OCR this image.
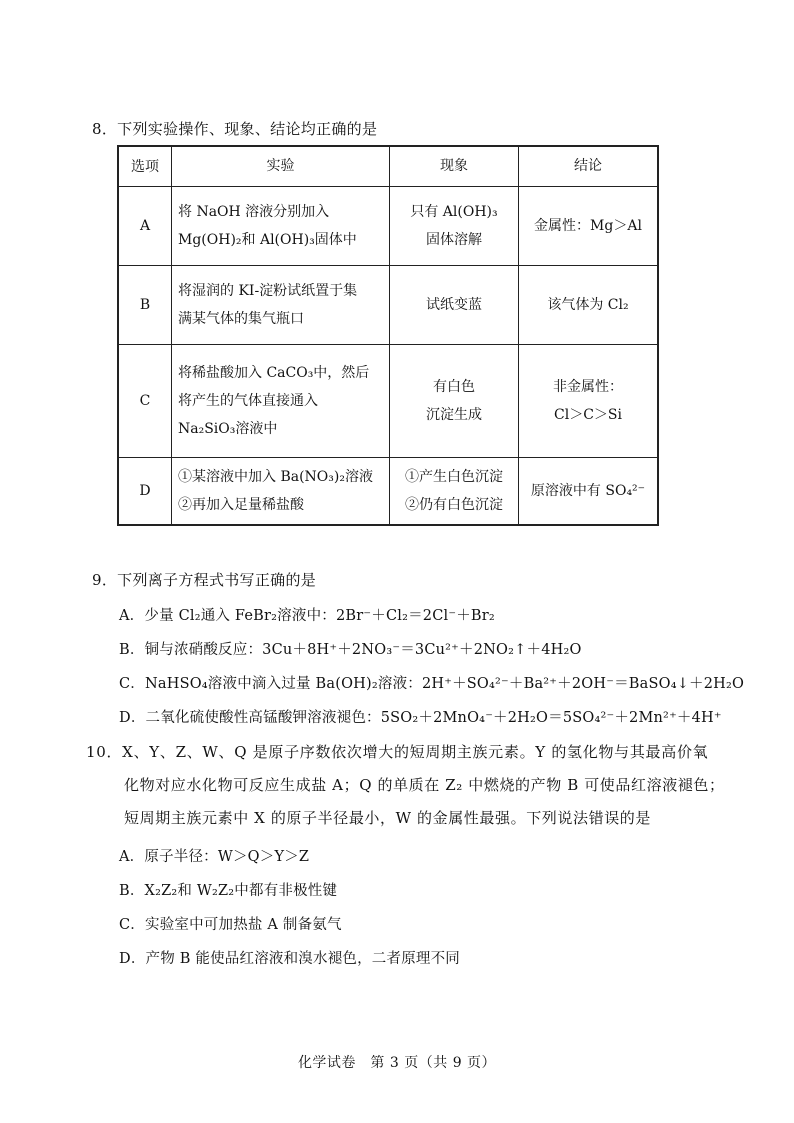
8．下列实验操作、现象、结论均正确的是
选项	实验	现象	结论
A	将 NaOH 溶液分别加入
Mg(OH)₂和 Al(OH)₃固体中	只有 Al(OH)₃
固体溶解	金属性：Mg＞Al

B	将湿润的 KI-淀粉试纸置于集
满某气体的集气瓶口	试纸变蓝	该气体为 Cl₂

C	将稀盐酸加入 CaCO₃中，然后
将产生的气体直接通入
Na₂SiO₃溶液中	有白色
沉淀生成	非金属性：
Cl＞C＞Si

D	①某溶液中加入 Ba(NO₃)₂溶液
②再加入足量稀盐酸	①产生白色沉淀
②仍有白色沉淀	原溶液中有 SO₄²⁻
9．下列离子方程式书写正确的是
A．少量 Cl₂通入 FeBr₂溶液中：2Br⁻＋Cl₂＝2Cl⁻＋Br₂
B．铜与浓硝酸反应：3Cu＋8H⁺＋2NO₃⁻＝3Cu²⁺＋2NO₂↑＋4H₂O
C．NaHSO₄溶液中滴入过量 Ba(OH)₂溶液：2H⁺＋SO₄²⁻＋Ba²⁺＋2OH⁻＝BaSO₄↓＋2H₂O
D．二氧化硫使酸性高锰酸钾溶液褪色：5SO₂＋2MnO₄⁻＋2H₂O＝5SO₄²⁻＋2Mn²⁺＋4H⁺
10．X、Y、Z、W、Q 是原子序数依次增大的短周期主族元素。Y 的氢化物与其最高价氧
化物对应水化物可反应生成盐 A；Q 的单质在 Z₂ 中燃烧的产物 B 可使品红溶液褪色；
短周期主族元素中 X 的原子半径最小，W 的金属性最强。下列说法错误的是
A．原子半径：W＞Q＞Y＞Z
B．X₂Z₂和 W₂Z₂中都有非极性键
C．实验室中可加热盐 A 制备氨气
D．产物 B 能使品红溶液和溴水褪色，二者原理不同
化学试卷　第 3 页（共 9 页）
